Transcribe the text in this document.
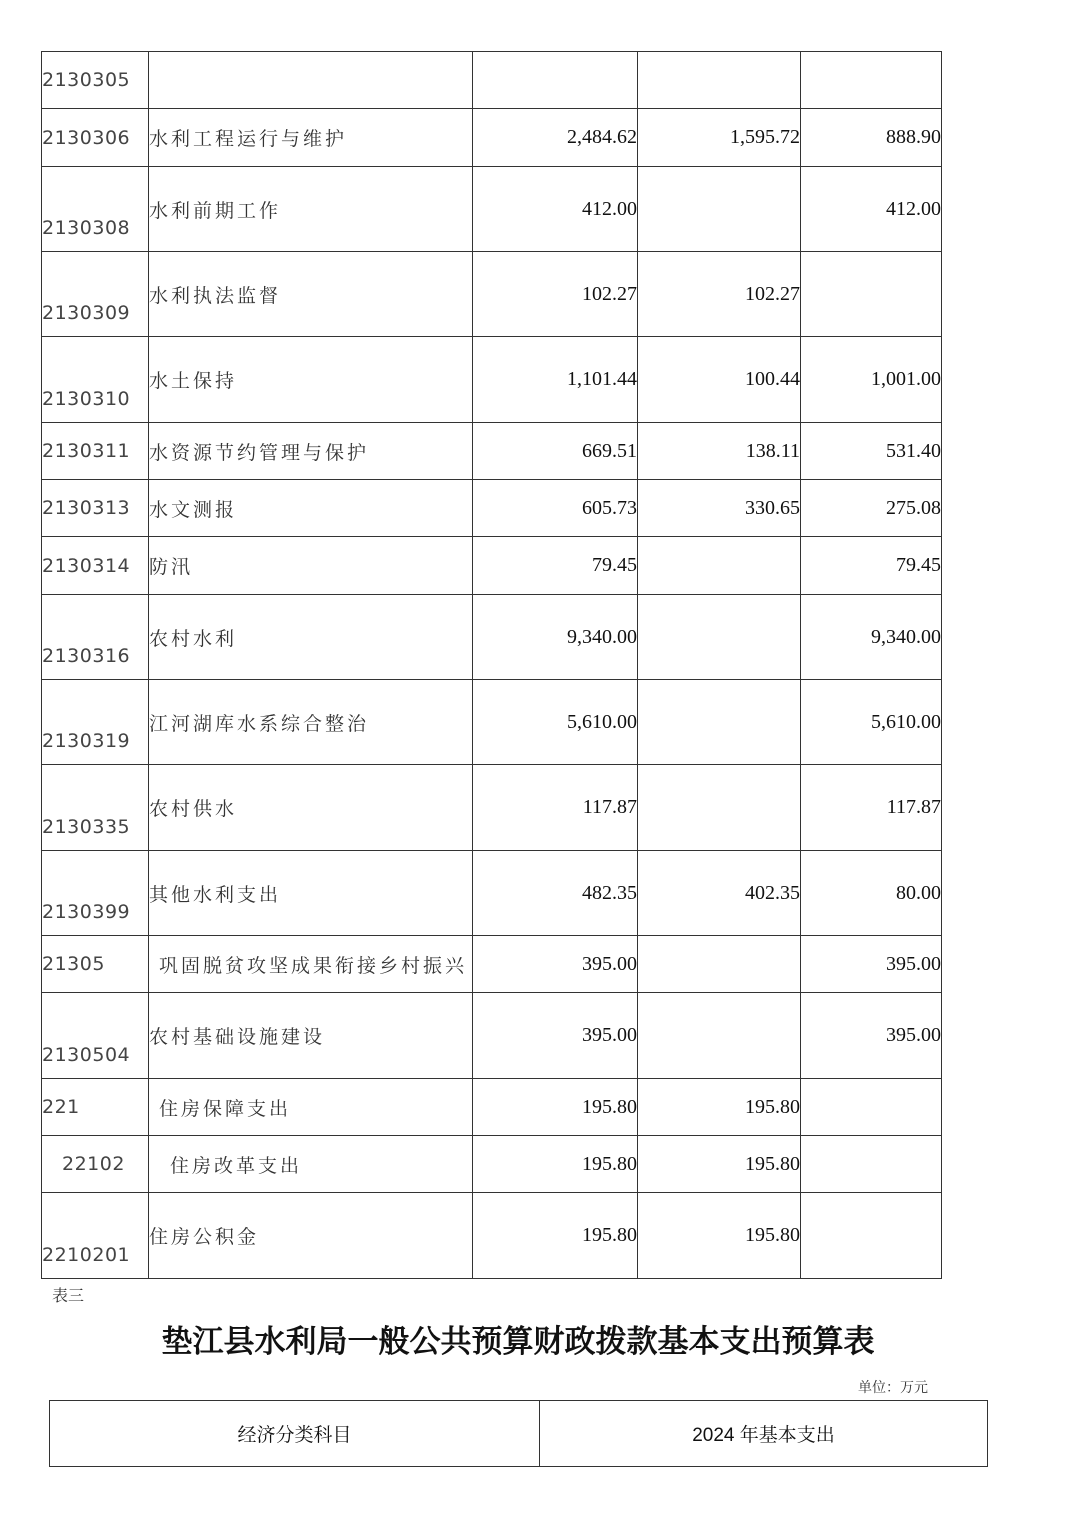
2130305				
2130306	水利工程运行与维护	2,484.62	1,595.72	888.90
2130308	水利前期工作	412.00		412.00
2130309	水利执法监督	102.27	102.27	
2130310	水土保持	1,101.44	100.44	1,001.00
2130311	水资源节约管理与保护	669.51	138.11	531.40
2130313	水文测报	605.73	330.65	275.08
2130314	防汛	79.45		79.45
2130316	农村水利	9,340.00		9,340.00
2130319	江河湖库水系综合整治	5,610.00		5,610.00
2130335	农村供水	117.87		117.87
2130399	其他水利支出	482.35	402.35	80.00
21305	巩固脱贫攻坚成果衔接乡村振兴	395.00		395.00
2130504	农村基础设施建设	395.00		395.00
221	住房保障支出	195.80	195.80	
22102	住房改革支出	195.80	195.80	
2210201	住房公积金	195.80	195.80	
表三
垫江县水利局一般公共预算财政拨款基本支出预算表
单位：万元
经济分类科目	2024 年基本支出
